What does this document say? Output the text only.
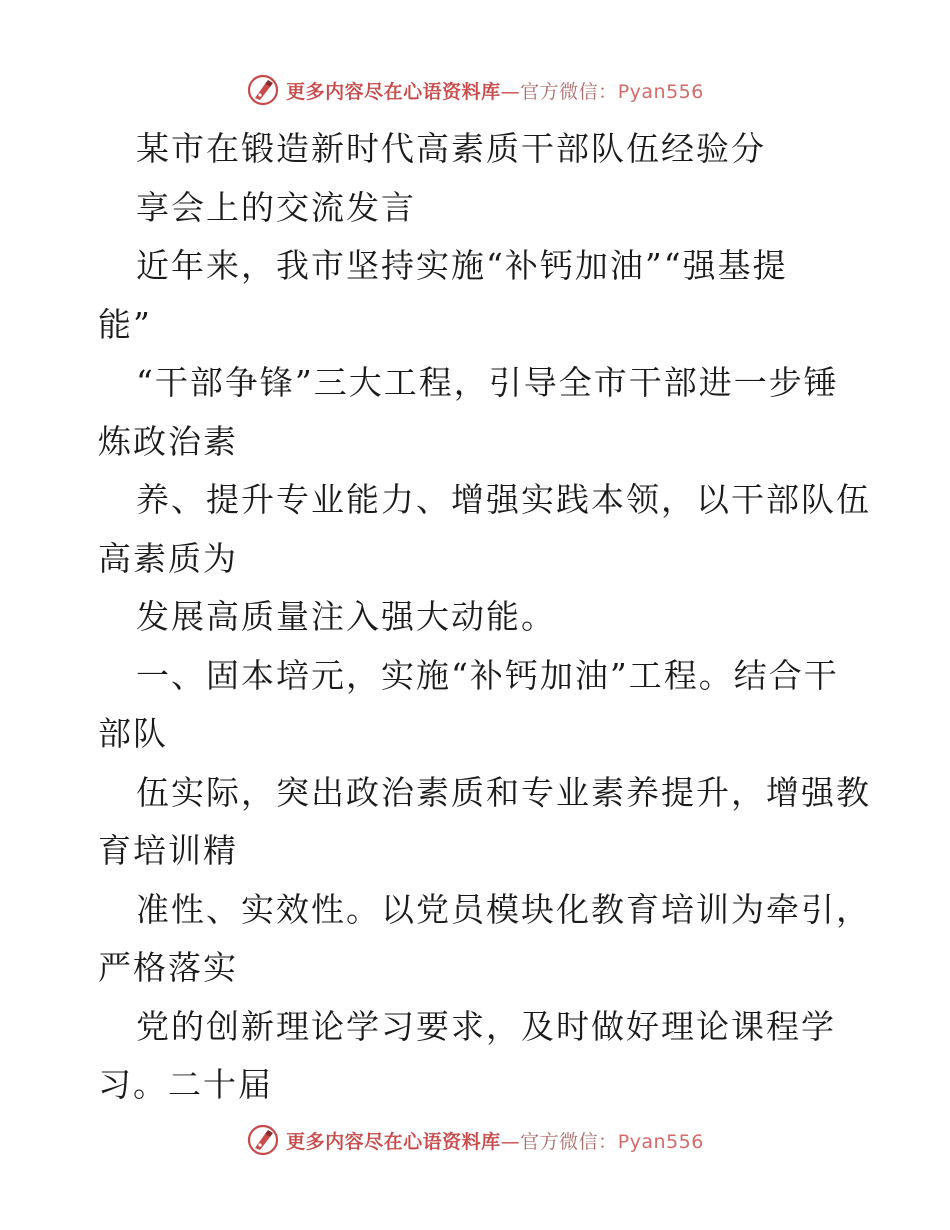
更多内容尽在心语资料库—官方微信：Pyan556
某市在锻造新时代高素质干部队伍经验分
享会上的交流发言
近年来，我市坚持实施“补钙加油”“强基提
能”
“干部争锋”三大工程，引导全市干部进一步锤
炼政治素
养、提升专业能力、增强实践本领，以干部队伍
高素质为
发展高质量注入强大动能。
一、固本培元，实施“补钙加油”工程。结合干
部队
伍实际，突出政治素质和专业素养提升，增强教
育培训精
准性、实效性。以党员模块化教育培训为牵引，
严格落实
党的创新理论学习要求，及时做好理论课程学
习。二十届
更多内容尽在心语资料库—官方微信：Pyan556
